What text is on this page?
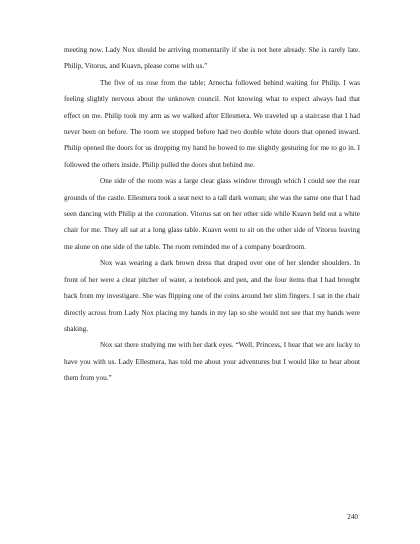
meeting now. Lady Nox should be arriving momentarily if she is not here already. She is rarely late. Philip, Vitorus, and Kuavn, please come with us.”

The five of us rose from the table; Arnecha followed behind waiting for Philip. I was feeling slightly nervous about the unknown council. Not knowing what to expect always had that effect on me. Philip took my arm as we walked after Ellesmera. We traveled up a staircase that I had never been on before. The room we stopped before had two double white doors that opened inward. Philip opened the doors for us dropping my hand he bowed to me slightly gesturing for me to go in. I followed the others inside. Philip pulled the doors shut behind me.

One side of the room was a large clear glass window through which I could see the rear grounds of the castle. Ellesmera took a seat next to a tall dark woman; she was the same one that I had seen dancing with Philip at the coronation. Vitorus sat on her other side while Kuavn held out a white chair for me. They all sat at a long glass table. Kuavn went to sit on the other side of Vitorus leaving me alone on one side of the table. The room reminded me of a company boardroom.

Nox was wearing a dark brown dress that draped over one of her slender shoulders. In front of her were a clear pitcher of water, a notebook and pen, and the four items that I had brought back from my investigare. She was flipping one of the coins around her slim fingers. I sat in the chair directly across from Lady Nox placing my hands in my lap so she would not see that my hands were shaking.

Nox sat there studying me with her dark eyes. “Well, Princess, I hear that we are lucky to have you with us. Lady Ellesmera, has told me about your adventures but I would like to hear about them from you.”

240
